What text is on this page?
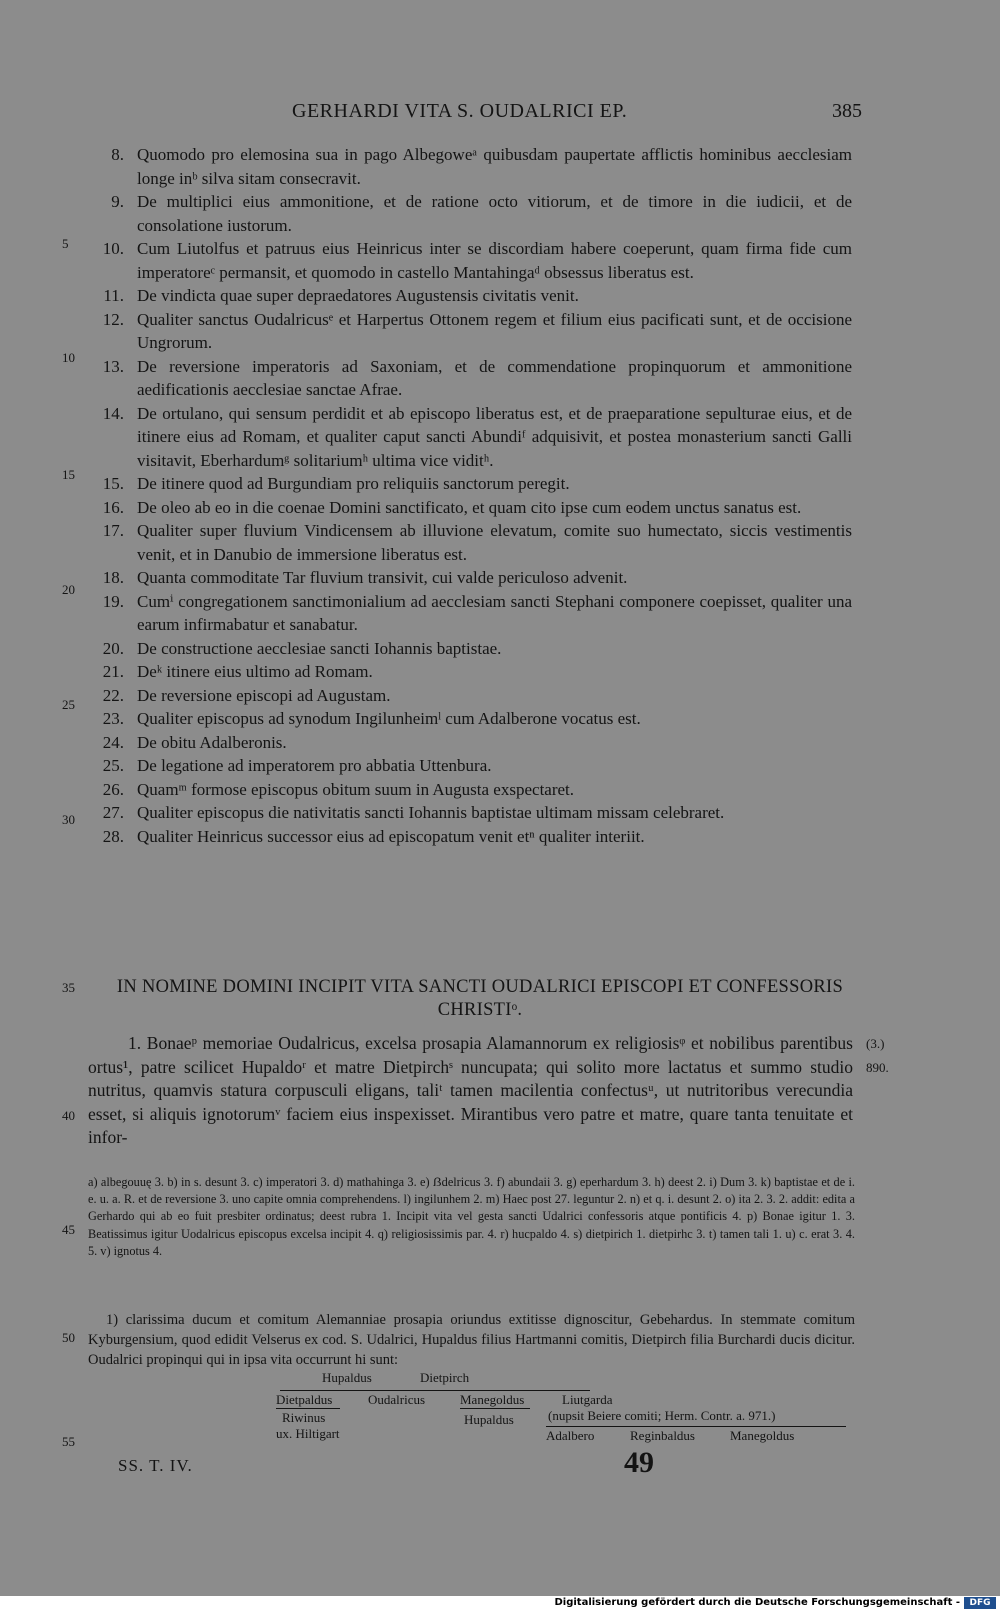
GERHARDI VITA S. OUDALRICI EP.	385
5
10
15
20
25
30
35
40
45
50
55
8. Quomodo pro elemosina sua in pago Albegoweᵃ quibusdam paupertate afflictis hominibus aecclesiam longe inᵇ silva sitam consecravit.
9. De multiplici eius ammonitione, et de ratione octo vitiorum, et de timore in die iudicii, et de consolatione iustorum.
10. Cum Liutolfus et patruus eius Heinricus inter se discordiam habere coeperunt, quam firma fide cum imperatoreᶜ permansit, et quomodo in castello Mantahingaᵈ obsessus liberatus est.
11. De vindicta quae super depraedatores Augustensis civitatis venit.
12. Qualiter sanctus Oudalricusᵉ et Harpertus Ottonem regem et filium eius pacificati sunt, et de occisione Ungrorum.
13. De reversione imperatoris ad Saxoniam, et de commendatione propinquorum et ammonitione aedificationis aecclesiae sanctae Afrae.
14. De ortulano, qui sensum perdidit et ab episcopo liberatus est, et de praeparatione sepulturae eius, et de itinere eius ad Romam, et qualiter caput sancti Abundiᶠ adquisivit, et postea monasterium sancti Galli visitavit, Eberhardumᵍ solitariumʰ ultima vice viditʰ.
15. De itinere quod ad Burgundiam pro reliquiis sanctorum peregit.
16. De oleo ab eo in die coenae Domini sanctificato, et quam cito ipse cum eodem unctus sanatus est.
17. Qualiter super fluvium Vindicensem ab illuvione elevatum, comite suo humectato, siccis vestimentis venit, et in Danubio de immersione liberatus est.
18. Quanta commoditate Tar fluvium transivit, cui valde periculoso advenit.
19. Cumⁱ congregationem sanctimonialium ad aecclesiam sancti Stephani componere coepisset, qualiter una earum infirmabatur et sanabatur.
20. De constructione aecclesiae sancti Iohannis baptistae.
21. Deᵏ itinere eius ultimo ad Romam.
22. De reversione episcopi ad Augustam.
23. Qualiter episcopus ad synodum Ingilunheimˡ cum Adalberone vocatus est.
24. De obitu Adalberonis.
25. De legatione ad imperatorem pro abbatia Uttenbura.
26. Quamᵐ formose episcopus obitum suum in Augusta exspectaret.
27. Qualiter episcopus die nativitatis sancti Iohannis baptistae ultimam missam celebraret.
28. Qualiter Heinricus successor eius ad episcopatum venit etⁿ qualiter interiit.
IN NOMINE DOMINI INCIPIT VITA SANCTI OUDALRICI EPISCOPI ET CONFESSORIS CHRISTIᵒ.

1. Bonaeᵖ memoriae Oudalricus, excelsa prosapia Alamannorum ex religiosisᵠ et nobilibus parentibus ortus¹, patre scilicet Hupaldoʳ et matre Dietpirchˢ nuncupata; qui solito more lactatus et summo studio nutritus, quamvis statura corpusculi eligans, taliᵗ tamen macilentia confectusᵘ, ut nutritoribus verecundia esset, si aliquis ignotorumᵛ faciem eius inspexisset. Mirantibus vero patre et matre, quare tanta tenuitate et infor-

(3.)
890.

a) albegouuę 3. b) in s. desunt 3. c) imperatori 3. d) mathahinga 3. e) ẞdelricus 3. f) abundaii 3. g) eperhardum 3. h) deest 2. i) Dum 3. k) baptistae et de i. e. u. a. R. et de reversione 3. uno capite omnia comprehendens. l) ingilunhem 2. m) Haec post 27. leguntur 2. n) et q. i. desunt 2. o) ita 2. 3. 2. addit: edita a Gerhardo qui ab eo fuit presbiter ordinatus; deest rubra 1. Incipit vita vel gesta sancti Udalrici confessoris atque pontificis 4. p) Bonae igitur 1. 3. Beatissimus igitur Uodalricus episcopus excelsa incipit 4. q) religiosissimis par. 4. r) hucpaldo 4. s) dietpirich 1. dietpirhc 3. t) tamen tali 1. u) c. erat 3. 4. 5. v) ignotus 4.

1) clarissima ducum et comitum Alemanniae prosapia oriundus extitisse dignoscitur, Gebehardus. In stemmate comitum Kyburgensium, quod edidit Velserus ex cod. S. Udalrici, Hupaldus filius Hartmanni comitis, Dietpirch filia Burchardi ducis dicitur. Oudalrici propinqui qui in ipsa vita occurrunt hi sunt:

Hupaldus	Dietpirch
Dietpaldus	Oudalricus	Manegoldus	Liutgarda
(nupsit Beiere comiti; Herm. Contr. a. 971.)
Riwinus	Hupaldus
ux. Hiltigart	Adalbero	Reginbaldus	Manegoldus
SS. T. IV.	49
Digitalisierung gefördert durch die Deutsche Forschungsgemeinschaft -	DFG
